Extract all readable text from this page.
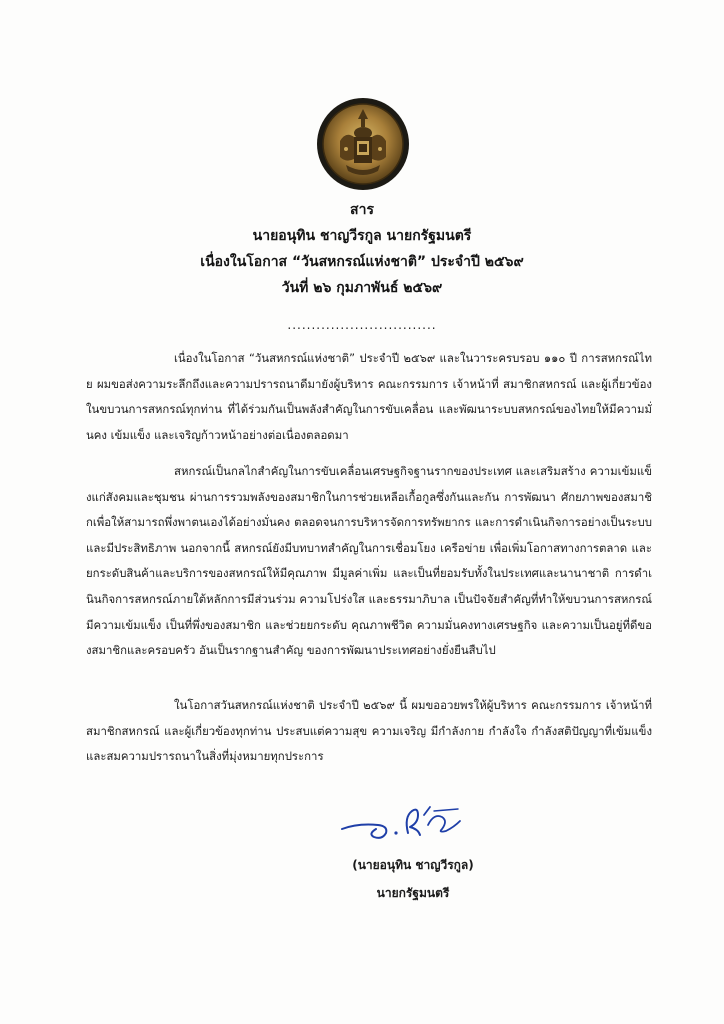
สาร
นายอนุทิน ชาญวีรกูล นายกรัฐมนตรี
เนื่องในโอกาส “วันสหกรณ์แห่งชาติ” ประจำปี ๒๕๖๙
วันที่ ๒๖ กุมภาพันธ์ ๒๕๖๙
...............................
เนื่องในโอกาส “วันสหกรณ์แห่งชาติ” ประจำปี ๒๕๖๙ และในวาระครบรอบ ๑๑๐ ปี การสหกรณ์ไทย ผมขอส่งความระลึกถึงและความปรารถนาดีมายังผู้บริหาร คณะกรรมการ เจ้าหน้าที่ สมาชิกสหกรณ์ และผู้เกี่ยวข้องในขบวนการสหกรณ์ทุกท่าน ที่ได้ร่วมกันเป็นพลังสำคัญในการขับเคลื่อน และพัฒนาระบบสหกรณ์ของไทยให้มีความมั่นคง เข้มแข็ง และเจริญก้าวหน้าอย่างต่อเนื่องตลอดมา
สหกรณ์เป็นกลไกสำคัญในการขับเคลื่อนเศรษฐกิจฐานรากของประเทศ และเสริมสร้าง ความเข้มแข็งแก่สังคมและชุมชน ผ่านการรวมพลังของสมาชิกในการช่วยเหลือเกื้อกูลซึ่งกันและกัน การพัฒนา ศักยภาพของสมาชิกเพื่อให้สามารถพึ่งพาตนเองได้อย่างมั่นคง ตลอดจนการบริหารจัดการทรัพยากร และการดำเนินกิจการอย่างเป็นระบบและมีประสิทธิภาพ นอกจากนี้ สหกรณ์ยังมีบทบาทสำคัญในการเชื่อมโยง เครือข่าย เพื่อเพิ่มโอกาสทางการตลาด และยกระดับสินค้าและบริการของสหกรณ์ให้มีคุณภาพ มีมูลค่าเพิ่ม และเป็นที่ยอมรับทั้งในประเทศและนานาชาติ การดำเนินกิจการสหกรณ์ภายใต้หลักการมีส่วนร่วม ความโปร่งใส และธรรมาภิบาล เป็นปัจจัยสำคัญที่ทำให้ขบวนการสหกรณ์มีความเข้มแข็ง เป็นที่พึ่งของสมาชิก และช่วยยกระดับ คุณภาพชีวิต ความมั่นคงทางเศรษฐกิจ และความเป็นอยู่ที่ดีของสมาชิกและครอบครัว อันเป็นรากฐานสำคัญ ของการพัฒนาประเทศอย่างยั่งยืนสืบไป
ในโอกาสวันสหกรณ์แห่งชาติ ประจำปี ๒๕๖๙ นี้ ผมขออวยพรให้ผู้บริหาร คณะกรรมการ เจ้าหน้าที่ สมาชิกสหกรณ์ และผู้เกี่ยวข้องทุกท่าน ประสบแต่ความสุข ความเจริญ มีกำลังกาย กำลังใจ กำลังสติปัญญาที่เข้มแข็ง และสมความปรารถนาในสิ่งที่มุ่งหมายทุกประการ
(นายอนุทิน ชาญวีรกูล)
นายกรัฐมนตรี
